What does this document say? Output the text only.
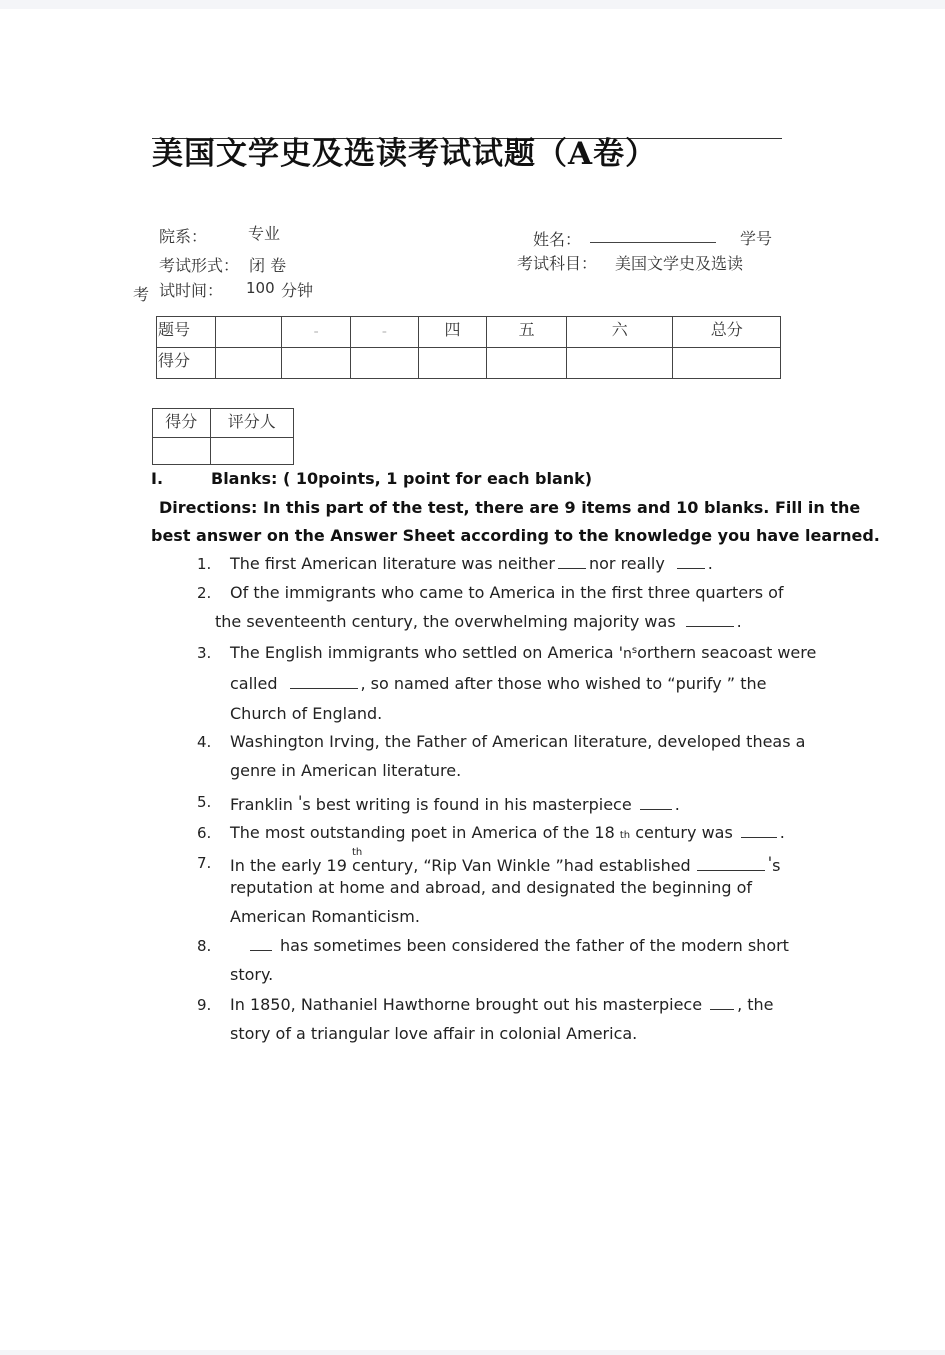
美国文学史及选读考试试题（A卷）
院系：	专业	姓名：	学号
考试形式： 闭 卷	考试科目： 美国文学史及选读
考 试时间： 100 分钟
题号		=	=	四	五	六	总分
得分							
得分	评分人

I.	Blanks: ( 10points, 1 point for each blank)
Directions: In this part of the test, there are 9 items and 10 blanks. Fill in the
best answer on the Answer Sheet according to the knowledge you have learned.
1. The first American literature was neither nor really	.
2. Of the immigrants who came to America in the first three quarters of
the seventeenth century, the overwhelming majority was	.
3. The English immigrants who settled on America '$n^sorthern$ seacoast were
called	, so named after those who wished to “purify ” the
Church of England.
4. Washington Irving, the Father of American literature, developed theas a
genre in American literature.
5. Franklin 's best writing is found in his masterpiece	.
6. The most outstanding poet in America of the 18 th century was	.
7.
th
In the early 19 century, “Rip Van Winkle ”had established	's
reputation at home and abroad, and designated the beginning of
American Romanticism.
8.	has sometimes been considered the father of the modern short
story.
9. In 1850, Nathaniel Hawthorne brought out his masterpiece , the
story of a triangular love affair in colonial America.
